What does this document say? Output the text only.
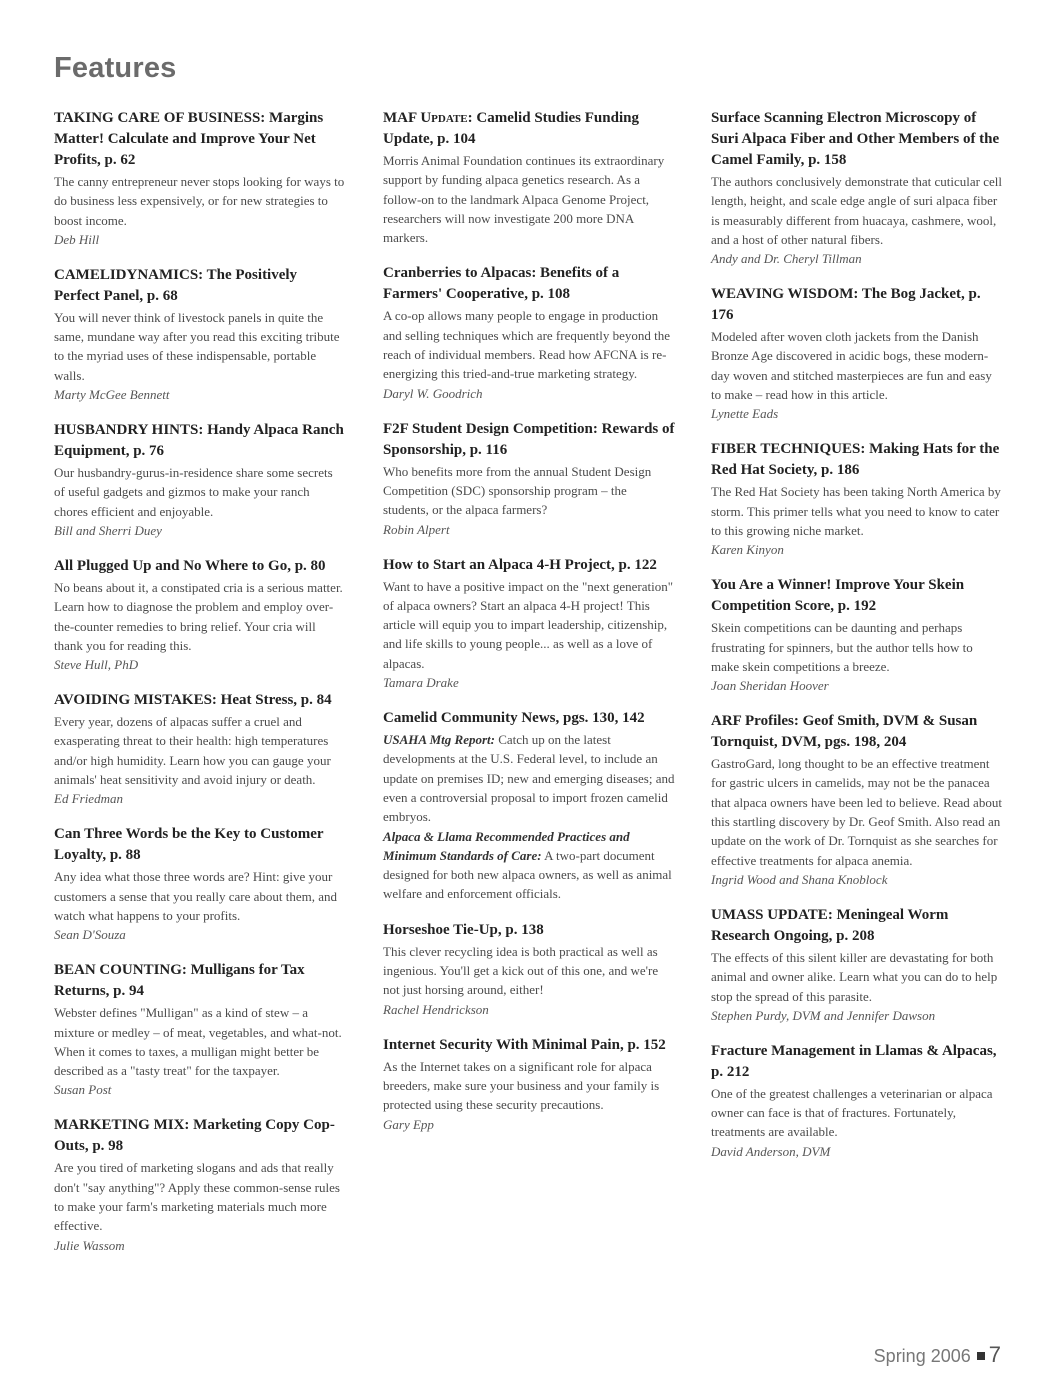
Features

TAKING CARE OF BUSINESS: Margins Matter! Calculate and Improve Your Net Profits, p. 62

The canny entrepreneur never stops looking for ways to do business less expensively, or for new strategies to boost income.

Deb Hill

CAMELIDYNAMICS: The Positively Perfect Panel, p. 68

You will never think of livestock panels in quite the same, mundane way after you read this exciting tribute to the myriad uses of these indispensable, portable walls.

Marty McGee Bennett

HUSBANDRY HINTS: Handy Alpaca Ranch Equipment, p. 76

Our husbandry-gurus-in-residence share some secrets of useful gadgets and gizmos to make your ranch chores efficient and enjoyable.

Bill and Sherri Duey

All Plugged Up and No Where to Go, p. 80

No beans about it, a constipated cria is a serious matter. Learn how to diagnose the problem and employ over-the-counter remedies to bring relief. Your cria will thank you for reading this.

Steve Hull, PhD

AVOIDING MISTAKES: Heat Stress, p. 84

Every year, dozens of alpacas suffer a cruel and exasperating threat to their health: high temperatures and/or high humidity. Learn how you can gauge your animals' heat sensitivity and avoid injury or death.

Ed Friedman

Can Three Words be the Key to Customer Loyalty, p. 88

Any idea what those three words are? Hint: give your customers a sense that you really care about them, and watch what happens to your profits.

Sean D'Souza

BEAN COUNTING: Mulligans for Tax Returns, p. 94

Webster defines "Mulligan" as a kind of stew – a mixture or medley – of meat, vegetables, and what-not. When it comes to taxes, a mulligan might better be described as a "tasty treat" for the taxpayer.

Susan Post

MARKETING MIX: Marketing Copy Cop-Outs, p. 98

Are you tired of marketing slogans and ads that really don't "say anything"? Apply these common-sense rules to make your farm's marketing materials much more effective.

Julie Wassom

MAF Update: Camelid Studies Funding Update, p. 104

Morris Animal Foundation continues its extraordinary support by funding alpaca genetics research. As a follow-on to the landmark Alpaca Genome Project, researchers will now investigate 200 more DNA markers.

Cranberries to Alpacas: Benefits of a Farmers' Cooperative, p. 108

A co-op allows many people to engage in production and selling techniques which are frequently beyond the reach of individual members. Read how AFCNA is re-energizing this tried-and-true marketing strategy.

Daryl W. Goodrich

F2F Student Design Competition: Rewards of Sponsorship, p. 116

Who benefits more from the annual Student Design Competition (SDC) sponsorship program – the students, or the alpaca farmers?

Robin Alpert

How to Start an Alpaca 4-H Project, p. 122

Want to have a positive impact on the "next generation" of alpaca owners? Start an alpaca 4-H project! This article will equip you to impart leadership, citizenship, and life skills to young people... as well as a love of alpacas.

Tamara Drake

Camelid Community News, pgs. 130, 142

USAHA Mtg Report: Catch up on the latest developments at the U.S. Federal level, to include an update on premises ID; new and emerging diseases; and even a controversial proposal to import frozen camelid embryos.

Alpaca & Llama Recommended Practices and Minimum Standards of Care: A two-part document designed for both new alpaca owners, as well as animal welfare and enforcement officials.

Horseshoe Tie-Up, p. 138

This clever recycling idea is both practical as well as ingenious. You'll get a kick out of this one, and we're not just horsing around, either!

Rachel Hendrickson

Internet Security With Minimal Pain, p. 152

As the Internet takes on a significant role for alpaca breeders, make sure your business and your family is protected using these security precautions.

Gary Epp

Surface Scanning Electron Microscopy of Suri Alpaca Fiber and Other Members of the Camel Family, p. 158

The authors conclusively demonstrate that cuticular cell length, height, and scale edge angle of suri alpaca fiber is measurably different from huacaya, cashmere, wool, and a host of other natural fibers.

Andy and Dr. Cheryl Tillman

WEAVING WISDOM: The Bog Jacket, p. 176

Modeled after woven cloth jackets from the Danish Bronze Age discovered in acidic bogs, these modern-day woven and stitched masterpieces are fun and easy to make – read how in this article.

Lynette Eads

FIBER TECHNIQUES: Making Hats for the Red Hat Society, p. 186

The Red Hat Society has been taking North America by storm. This primer tells what you need to know to cater to this growing niche market.

Karen Kinyon

You Are a Winner! Improve Your Skein Competition Score, p. 192

Skein competitions can be daunting and perhaps frustrating for spinners, but the author tells how to make skein competitions a breeze.

Joan Sheridan Hoover

ARF Profiles: Geof Smith, DVM & Susan Tornquist, DVM, pgs. 198, 204

GastroGard, long thought to be an effective treatment for gastric ulcers in camelids, may not be the panacea that alpaca owners have been led to believe. Read about this startling discovery by Dr. Geof Smith. Also read an update on the work of Dr. Tornquist as she searches for effective treatments for alpaca anemia.

Ingrid Wood and Shana Knoblock

UMASS UPDATE: Meningeal Worm Research Ongoing, p. 208

The effects of this silent killer are devastating for both animal and owner alike. Learn what you can do to help stop the spread of this parasite.

Stephen Purdy, DVM and Jennifer Dawson

Fracture Management in Llamas & Alpacas, p. 212

One of the greatest challenges a veterinarian or alpaca owner can face is that of fractures. Fortunately, treatments are available.

David Anderson, DVM

Spring 2006 7
